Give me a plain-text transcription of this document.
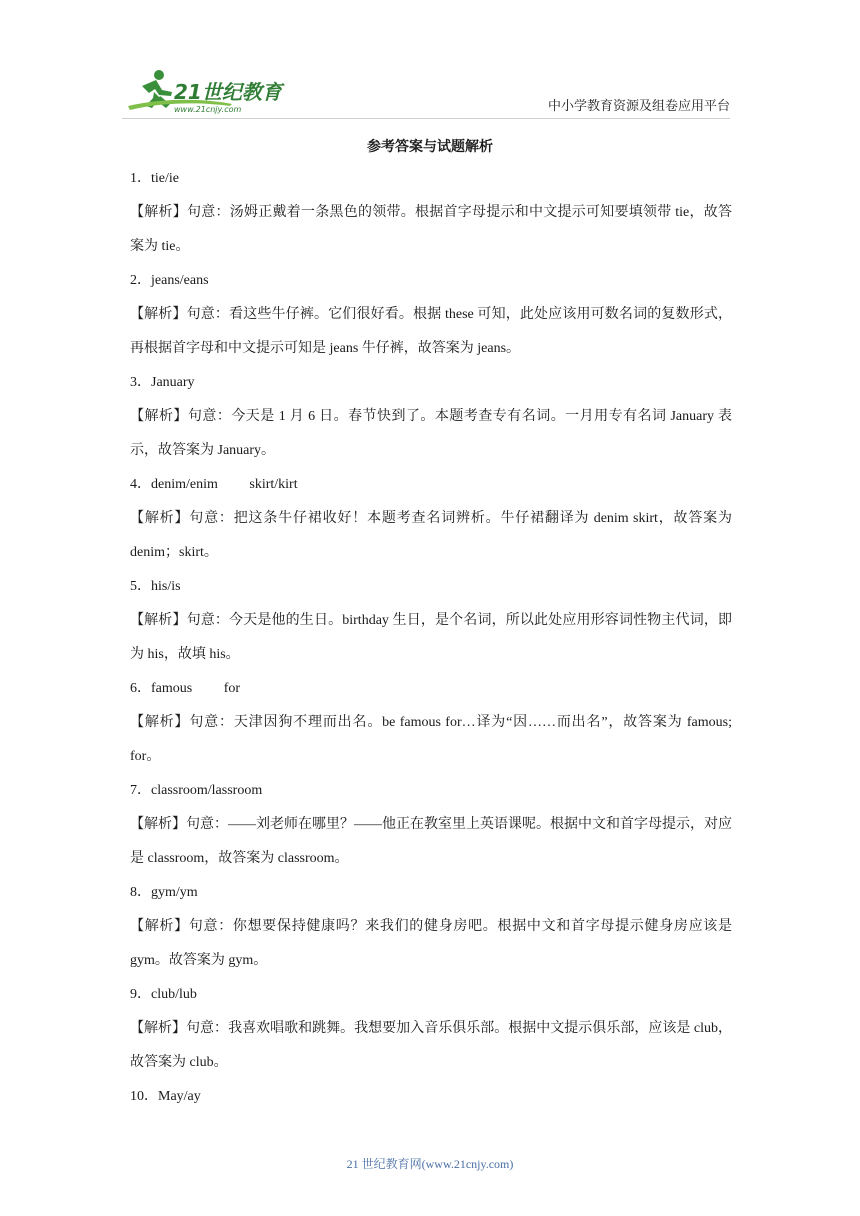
21世纪教育
www.21cnjy.com	中小学教育资源及组卷应用平台
参考答案与试题解析
1．tie/ie
【解析】句意：汤姆正戴着一条黑色的领带。根据首字母提示和中文提示可知要填领带 tie，故答案为 tie。
2．jeans/eans
【解析】句意：看这些牛仔裤。它们很好看。根据 these 可知，此处应该用可数名词的复数形式，再根据首字母和中文提示可知是 jeans 牛仔裤，故答案为 jeans。
3．January
【解析】句意：今天是 1 月 6 日。春节快到了。本题考查专有名词。一月用专有名词 January 表示，故答案为 January。
4．denim/enim         skirt/kirt
【解析】句意：把这条牛仔裙收好！本题考查名词辨析。牛仔裙翻译为 denim skirt，故答案为 denim；skirt。
5．his/is
【解析】句意：今天是他的生日。birthday 生日，是个名词，所以此处应用形容词性物主代词，即为 his，故填 his。
6．famous         for
【解析】句意：天津因狗不理而出名。be famous for…译为“因……而出名”，故答案为 famous; for。
7．classroom/lassroom
【解析】句意：——刘老师在哪里？——他正在教室里上英语课呢。根据中文和首字母提示，对应是 classroom，故答案为 classroom。
8．gym/ym
【解析】句意：你想要保持健康吗？来我们的健身房吧。根据中文和首字母提示健身房应该是 gym。故答案为 gym。
9．club/lub
【解析】句意：我喜欢唱歌和跳舞。我想要加入音乐俱乐部。根据中文提示俱乐部，应该是 club，故答案为 club。
10．May/ay
21 世纪教育网(www.21cnjy.com)
